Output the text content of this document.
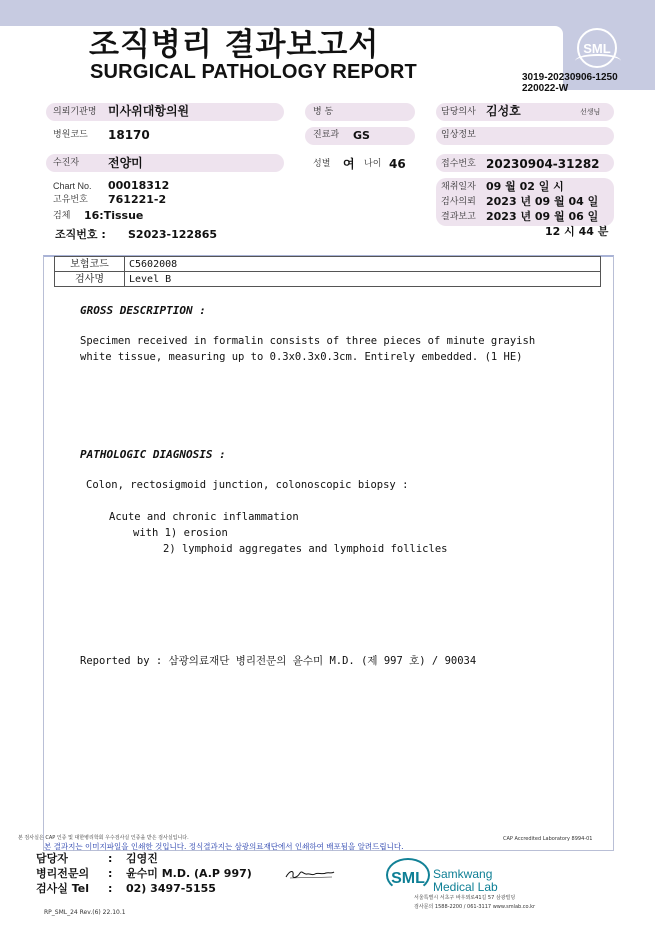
조직병리 결과보고서
SURGICAL PATHOLOGY REPORT
SML
3019-20230906-1250
220022-W
의뢰기관명 미사위대항의원	병 동	담당의사 김성호	선생님
병원코드 18170	진료과 GS	임상정보
수진자 전양미	성별 여 나이 46	접수번호 20230904-31282
Chart No. 00018312
고유번호 761221-2
검체 16:Tissue
조직번호 : S2023-122865
채취일자 09 월 02 일 시
검사의뢰 2023 년 09 월 04 일
결과보고 2023 년 09 월 06 일
12 시 44 분
보험코드	C5602008
검사명	Level B
GROSS DESCRIPTION :
Specimen received in formalin consists of three pieces of minute grayish
white tissue, measuring up to 0.3x0.3x0.3cm. Entirely embedded. (1 HE)
PATHOLOGIC DIAGNOSIS :
Colon, rectosigmoid junction, colonoscopic biopsy :
Acute and chronic inflammation
with 1) erosion
2) lymphoid aggregates and lymphoid follicles
Reported by : 삼광의료재단 병리전문의 윤수미 M.D. (제 997 호) / 90034
본 검사실은 CAP 인증 및 대한병리학회 우수검사실 인증을 받은 검사실입니다.	CAP Accredited Laboratory 8994-01
본 결과지는 이미지파일을 인쇄한 것입니다. 정식결과지는 삼광의료재단에서 인쇄하여 배포됨을 알려드립니다.
담당자	: 김영진
병리전문의 : 윤수미 M.D. (A.P 997)
검사실 Tel : 02) 3497-5155
SML Samkwang
Medical Lab
서울특별시 서초구 바우뫼로41길 57 삼광빌딩
검사문의 1588-2200 / 061-3117 www.smlab.co.kr
RP_SML_24 Rev.(6) 22.10.1
